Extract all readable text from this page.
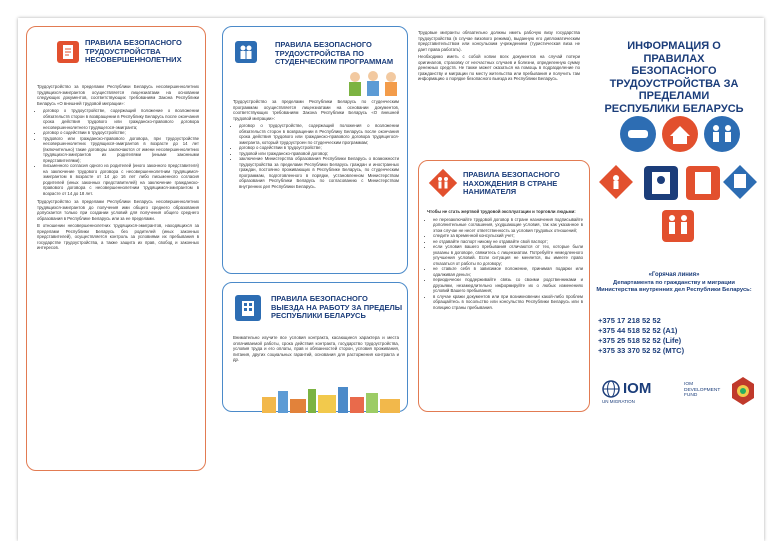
ПРАВИЛА БЕЗОПАСНОГО ТРУДОУСТРОЙСТВА НЕСОВЕРШЕННОЛЕТНИХ

Трудоустройство за пределами Республики Беларусь несовершеннолетних трудящихся-эмигрантов осуществляется лицензиатами на основании следующих документов, соответствующих требованиям Закона Республики Беларусь «О внешней трудовой миграции»:

• договор о трудоустройстве, содержащий положение о возложении обязательств сторон в возвращении в Республику Беларусь после окончания срока действия трудового или гражданско-правового договора несовершеннолетнего трудящегося-эмигранта;
• договор о содействии в трудоустройстве;
• трудового или гражданско-правового договора, при трудоустройстве несовершеннолетних трудящихся-эмигрантов в возрасте до 14 лет (включительно) такие договоры заключаются от имени несовершеннолетних трудящихся-эмигрантов их родителями (иными законными представителями);
• письменного согласия одного из родителей (иного законного представителя) на заключение трудового договора с несовершеннолетним трудящимся-эмигрантом в возрасте от 14 до 16 лет либо письменного согласия родителей (иных законных представителей) на заключение гражданско-правового договора с несовершеннолетним трудящимся-эмигрантом в возрасте от 14 до 18 лет.

Трудоустройство за пределами Республики Беларусь несовершеннолетних трудящихся-эмигрантов до получения ими общего среднего образования допускается только при создании условий для получения общего среднего образования в Республике Беларусь или за ее пределами.

В отношении несовершеннолетних трудящихся-эмигрантов, находящихся за пределами Республики Беларусь без родителей (иных законных представителей), осуществляется контроль за условиями их пребывания в государстве трудоустройства, а также защита их прав, свобод и законных интересов.

ПРАВИЛА БЕЗОПАСНОГО ТРУДОУСТРОЙСТВА ПО СТУДЕНЧЕСКИМ ПРОГРАММАМ

Трудоустройство за пределами Республики Беларусь по студенческим программам осуществляется лицензиатами на основании документов, соответствующих требованиям Закона Республики Беларусь «О внешней трудовой миграции»:

• договор о трудоустройстве, содержащий положения о возложении обязательств сторон в возвращении в Республику Беларусь после окончания срока действия трудового или гражданско-правового договора трудящегося-эмигранта, который трудоустроен по студенческим программам;
• договор о содействии в трудоустройстве;
• трудовой или гражданско-правовой договор;
• заключение Министерства образования Республики Беларусь о возможности трудоустройства за пределами Республики Беларусь граждан и иностранных граждан, постоянно проживающих в Республике Беларусь, по студенческим программам, подготовленного в порядке, установленном Министерством образования Республики Беларусь по согласованию с Министерством внутренних дел Республики Беларусь.
ПРАВИЛА БЕЗОПАСНОГО ВЫЕЗДА НА РАБОТУ ЗА ПРЕДЕЛЫ РЕСПУБЛИКИ БЕЛАРУСЬ
Внимательно изучите все условия контракта, касающиеся характера и места оплачиваемой работы, срока действия контракта, государство трудоустройства, условия труда и его оплаты, прав и обязанностей сторон, условия проживания, питания, других социальных гарантий, основания для расторжения контракта и др.

Трудовые мигранты обязательно должны иметь рабочую визу государства трудоустройства (в случае визового режима), выданную его дипломатическим представительством или консульским учреждением (туристическая виза не дает права работать).

Необходимо иметь с собой копии всех документов на случай потери оригиналов, страховку от несчастных случаев и болезни, определенную сумму денежных средств. Не также может оказаться на помощь в подразделение по гражданству и миграции по месту жительства или пребывания и получить там информацию о порядке безопасного выезда из Республики Беларусь.

ПРАВИЛА БЕЗОПАСНОГО НАХОЖДЕНИЯ В СТРАНЕ НАНИМАТЕЛЯ

Чтобы не стать жертвой трудовой эксплуатации и торговли людьми:

• не перезаключайте трудовой договор в стране назначения подписывайте дополнительные соглашения, ухудшающие условия, так как указанное в этом случае не несет ответственность за условия трудовых отношений;
• следите за временной консульский учет;
• не отдавайте паспорт никому не отдавайте свой паспорт;
• если условия вашего пребывания отличаются от тех, которые были указаны в договоре, свяжитесь с лицензиатом. Потребуйте немедленного улучшения условий. Если ситуация не меняется, вы имеете право отказаться от работы по договору;
• не ставьте себя в зависимое положение, принимая подарки или одалживая деньги;
• периодически поддерживайте связь со своими родственниками и друзьями, незамедлительно информируйте их о любых изменениях условий Вашего пребывания;
• в случае кражи документов или при возникновении какой-либо проблем обращайтесь в посольство или консульство Республики Беларусь или в полицию страны пребывания.
ИНФОРМАЦИЯ О ПРАВИЛАХ БЕЗОПАСНОГО ТРУДОУСТРОЙСТВА ЗА ПРЕДЕЛАМИ РЕСПУБЛИКИ БЕЛАРУСЬ
«Горячая линия»
Департамента по гражданству и миграции Министерства внутренних дел Республики Беларусь:
+375 17 218 52 52
+375 44 518 52 52 (A1)
+375 25 518 52 52 (Life)
+375 33 370 52 52 (МТС)
IOM
UN MIGRATION
IOM DEVELOPMENT FUND
